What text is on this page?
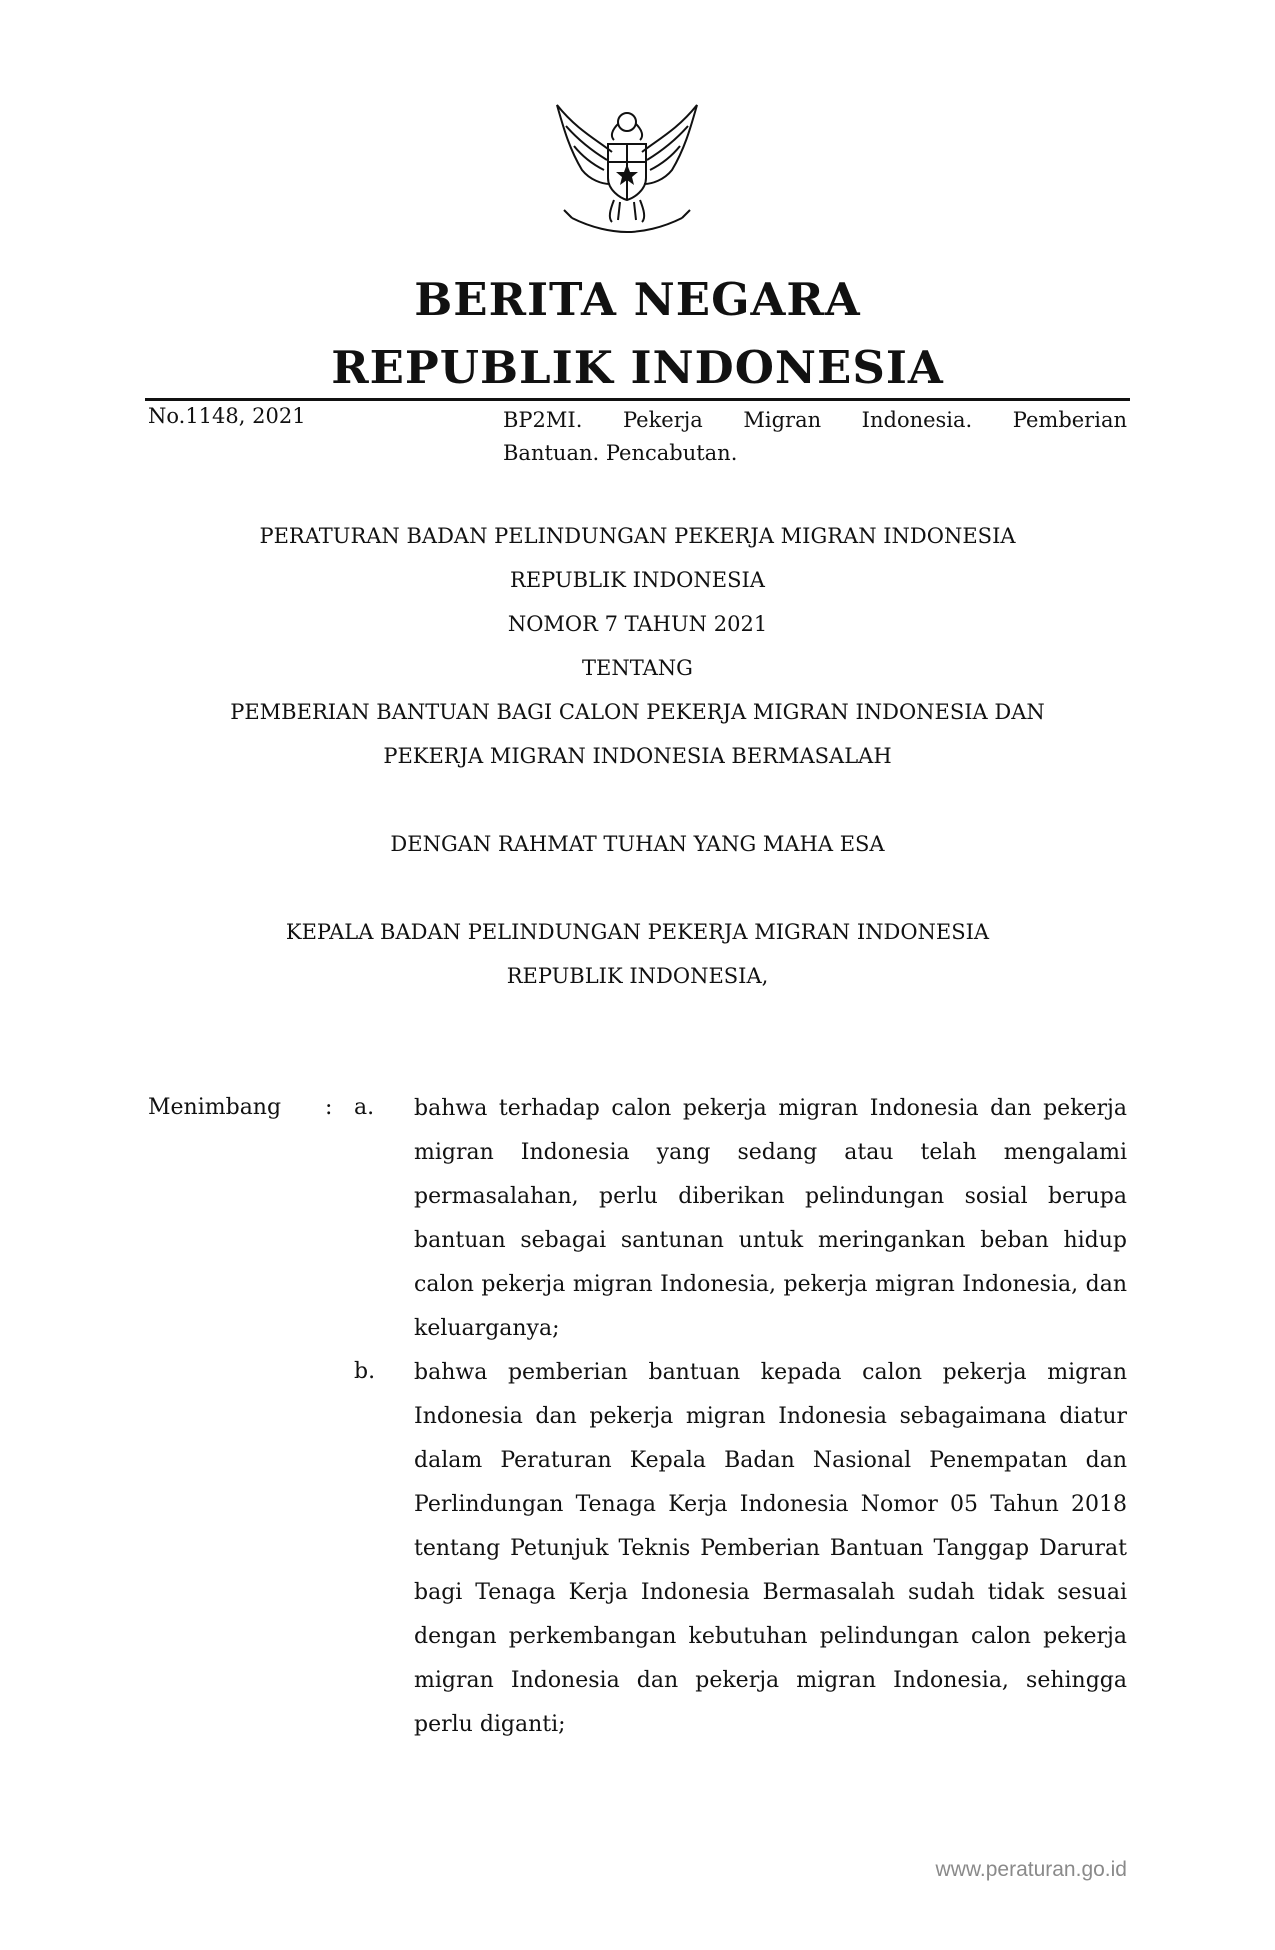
BERITA NEGARA
REPUBLIK INDONESIA
No.1148, 2021	BP2MI. Pekerja Migran Indonesia. Pemberian
Bantuan. Pencabutan.
PERATURAN BADAN PELINDUNGAN PEKERJA MIGRAN INDONESIA
REPUBLIK INDONESIA
NOMOR 7 TAHUN 2021
TENTANG
PEMBERIAN BANTUAN BAGI CALON PEKERJA MIGRAN INDONESIA DAN
PEKERJA MIGRAN INDONESIA BERMASALAH
DENGAN RAHMAT TUHAN YANG MAHA ESA
KEPALA BADAN PELINDUNGAN PEKERJA MIGRAN INDONESIA
REPUBLIK INDONESIA,
Menimbang : a. bahwa terhadap calon pekerja migran Indonesia dan pekerja migran Indonesia yang sedang atau telah mengalami permasalahan, perlu diberikan pelindungan sosial berupa bantuan sebagai santunan untuk meringankan beban hidup calon pekerja migran Indonesia, pekerja migran Indonesia, dan keluarganya;

b. bahwa pemberian bantuan kepada calon pekerja migran Indonesia dan pekerja migran Indonesia sebagaimana diatur dalam Peraturan Kepala Badan Nasional Penempatan dan Perlindungan Tenaga Kerja Indonesia Nomor 05 Tahun 2018 tentang Petunjuk Teknis Pemberian Bantuan Tanggap Darurat bagi Tenaga Kerja Indonesia Bermasalah sudah tidak sesuai dengan perkembangan kebutuhan pelindungan calon pekerja migran Indonesia dan pekerja migran Indonesia, sehingga perlu diganti;

www.peraturan.go.id
